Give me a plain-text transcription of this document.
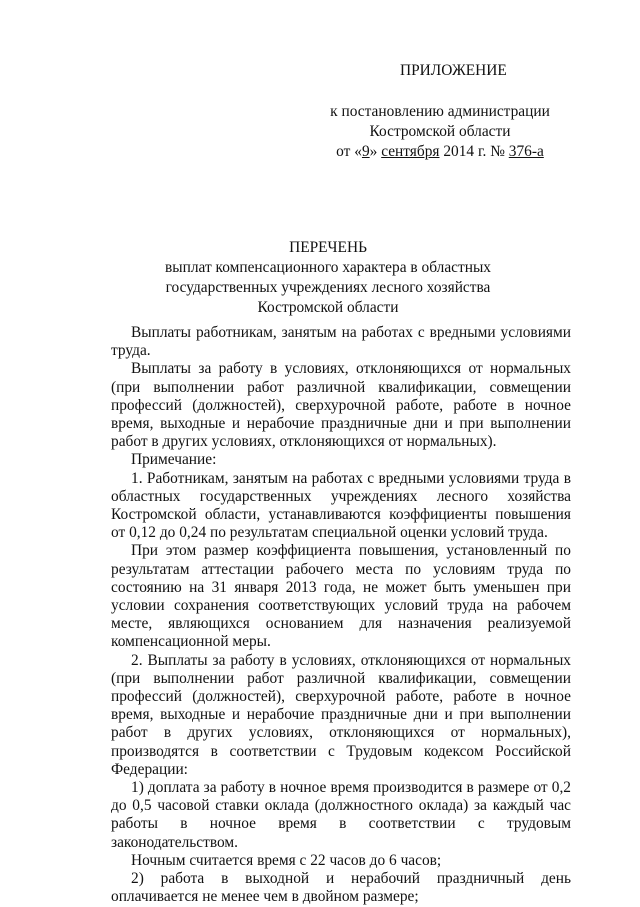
ПРИЛОЖЕНИЕ
к постановлению администрации
Костромской области
от «9» сентября 2014 г. № 376-а
ПЕРЕЧЕНЬ
выплат компенсационного характера в областных
государственных учреждениях лесного хозяйства
Костромской области

Выплаты работникам, занятым на работах с вредными условиями труда.

Выплаты за работу в условиях, отклоняющихся от нормальных (при выполнении работ различной квалификации, совмещении профессий (должностей), сверхурочной работе, работе в ночное время, выходные и нерабочие праздничные дни и при выполнении работ в других условиях, отклоняющихся от нормальных).

Примечание:

1. Работникам, занятым на работах с вредными условиями труда в областных государственных учреждениях лесного хозяйства Костромской области, устанавливаются коэффициенты повышения от 0,12 до 0,24 по результатам специальной оценки условий труда.

При этом размер коэффициента повышения, установленный по результатам аттестации рабочего места по условиям труда по состоянию на 31 января 2013 года, не может быть уменьшен при условии сохранения соответствующих условий труда на рабочем месте, являющихся основанием для назначения реализуемой компенсационной меры.

2. Выплаты за работу в условиях, отклоняющихся от нормальных (при выполнении работ различной квалификации, совмещении профессий (должностей), сверхурочной работе, работе в ночное время, выходные и нерабочие праздничные дни и при выполнении работ в других условиях, отклоняющихся от нормальных), производятся в соответствии с Трудовым кодексом Российской Федерации:

1) доплата за работу в ночное время производится в размере от 0,2 до 0,5 часовой ставки оклада (должностного оклада) за каждый час работы в ночное время в соответствии с трудовым законодательством.

Ночным считается время с 22 часов до 6 часов;

2) работа в выходной и нерабочий праздничный день оплачивается не менее чем в двойном размере;
